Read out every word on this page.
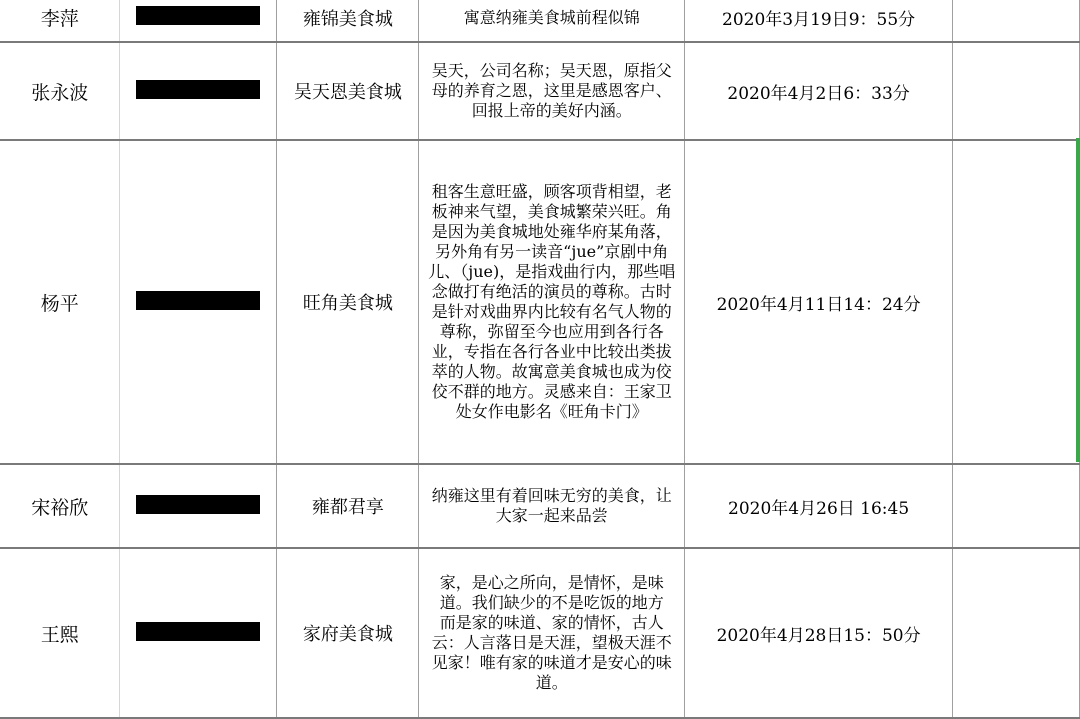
李萍		雍锦美食城	寓意纳雍美食城前程似锦	2020年3月19日9：55分	
张永波		吴天恩美食城	吴天，公司名称；吴天恩，原指父母的养育之恩，这里是感恩客户、回报上帝的美好内涵。	2020年4月2日6：33分	
杨平		旺角美食城	租客生意旺盛，顾客项背相望，老板神来气望，美食城繁荣兴旺。角是因为美食城地处雍华府某角落，另外角有另一读音“jue”京剧中角儿、（jue)，是指戏曲行内，那些唱念做打有绝活的演员的尊称。古时是针对戏曲界内比较有名气人物的尊称，弥留至今也应用到各行各业，专指在各行各业中比较出类拔萃的人物。故寓意美食城也成为佼佼不群的地方。灵感来自：王家卫处女作电影名《旺角卡门》	2020年4月11日14：24分	
宋裕欣		雍都君享	纳雍这里有着回味无穷的美食，让大家一起来品尝	2020年4月26日 16:45	
王熙		家府美食城	家，是心之所向，是情怀，是味道。我们缺少的不是吃饭的地方　　而是家的味道、家的情怀，古人云：人言落日是天涯，望极天涯不见家！唯有家的味道才是安心的味道。	2020年4月28日15：50分	
